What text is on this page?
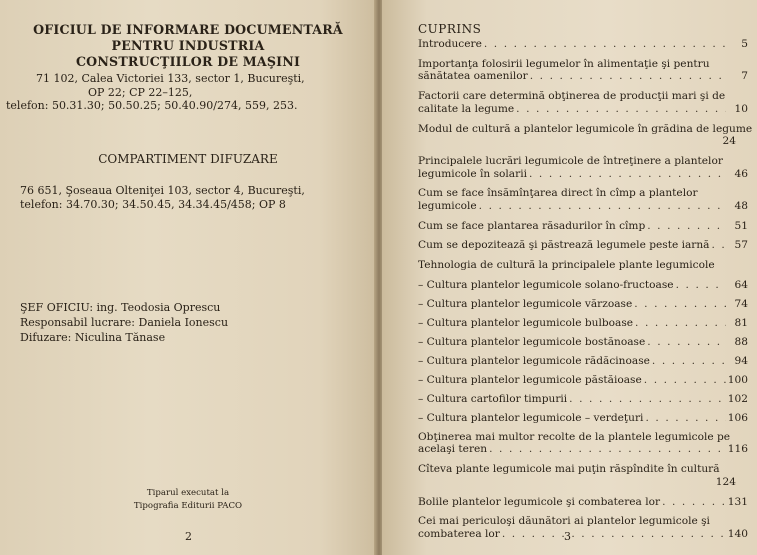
OFICIUL DE INFORMARE DOCUMENTARĂ
PENTRU INDUSTRIA
CONSTRUCŢIILOR DE MAŞINI
71 102, Calea Victoriei 133, sector 1, Bucureşti,
OP 22; CP 22–125,
telefon: 50.31.30; 50.50.25; 50.40.90/274, 559, 253.
COMPARTIMENT DIFUZARE
76 651, Şoseaua Olteniţei 103, sector 4, Bucureşti,
telefon: 34.70.30; 34.50.45, 34.34.45/458; OP 8
ŞEF OFICIU: ing. Teodosia Oprescu
Responsabil lucrare: Daniela Ionescu
Difuzare: Niculina Tănase
Tiparul executat la
Tipografia Editurii PACO
2
CUPRINS
Introducere . . .	5
Importanţa folosirii legumelor în alimentaţie şi pentru
sănătatea oamenilor . . .	7
Factorii care determină obţinerea de producţii mari şi de
calitate la legume . . .	10
Modul de cultură a plantelor legumicole în grădina de legume
24
Principalele lucrări legumicole de întreţinere a plantelor
legumicole în solarii . . .	46
Cum se face însămînţarea direct în cîmp a plantelor
legumicole . . .	48
Cum se face plantarea răsadurilor în cîmp . . .	51
Cum se depozitează şi păstrează legumele peste iarnă . . .	57
Tehnologia de cultură la principalele plante legumicole
– Cultura plantelor legumicole solano-fructoase . . .	64
– Cultura plantelor legumicole vărzoase . . .	74
– Cultura plantelor legumicole bulboase . . .	81
– Cultura plantelor legumicole bostănoase . . .	88
– Cultura plantelor legumicole rădăcinoase . . .	94
– Cultura plantelor legumicole păstăioase . . .	100
– Cultura cartofilor timpurii . . .	102
– Cultura plantelor legumicole – verdeţuri . . .	106
Obţinerea mai multor recolte de la plantele legumicole pe
acelaşi teren . . .	116
Cîteva plante legumicole mai puţin răspîndite în cultură
124
Bolile plantelor legumicole şi combaterea lor . . .	131
Cei mai periculoşi dăunători ai plantelor legumicole şi
combaterea lor . . .	140
3
